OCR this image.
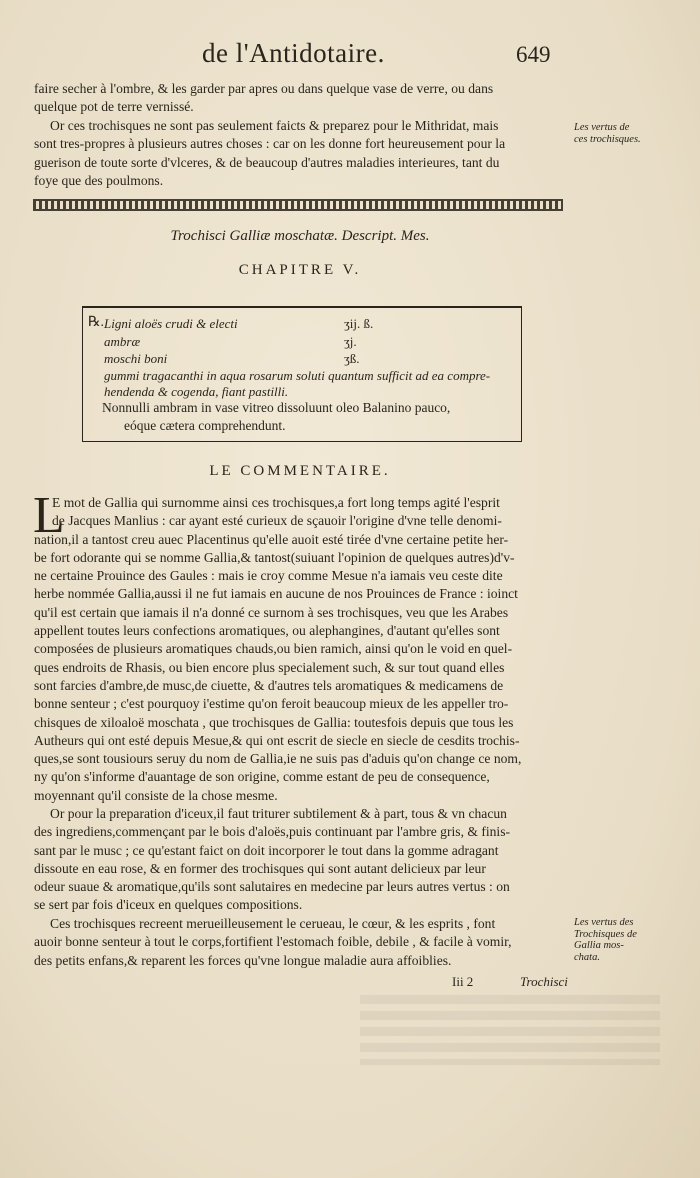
de l'Antidotaire.	649

faire secher à l'ombre, & les garder par apres ou dans quelque vase de verre, ou dans

quelque pot de terre vernissé.

Or ces trochisques ne sont pas seulement faicts & preparez pour le Mithridat, mais

sont tres-propres à plusieurs autres choses : car on les donne fort heureusement pour la

guerison de toute sorte d'vlceres, & de beaucoup d'autres maladies interieures, tant du

foye que des poulmons.

Les vertus de
ces trochisques.
Trochisci Galliæ moschatæ. Descript. Mes.
CHAPITRE V.
℞. Ligni aloës crudi & electi	ʒij. ß.
ambræ	ʒj.
moschi boni	ʒß.
gummi tragacanthi in aqua rosarum soluti quantum sufficit ad ea compre-
hendenda & cogenda, fiant pastilli.
Nonnulli ambram in vase vitreo dissoluunt oleo Balanino pauco,
eóque cætera comprehendunt.
LE COMMENTAIRE.
L

E mot de Gallia qui surnomme ainsi ces trochisques,a fort long temps agité l'esprit

de Jacques Manlius : car ayant esté curieux de sçauoir l'origine d'vne telle denomi-

nation,il a tantost creu auec Placentinus qu'elle auoit esté tirée d'vne certaine petite her-

be fort odorante qui se nomme Gallia,& tantost(suiuant l'opinion de quelques autres)d'v-

ne certaine Prouince des Gaules : mais ie croy comme Mesue n'a iamais veu ceste dite

herbe nommée Gallia,aussi il ne fut iamais en aucune de nos Prouinces de France : ioinct

qu'il est certain que iamais il n'a donné ce surnom à ses trochisques, veu que les Arabes

appellent toutes leurs confections aromatiques, ou alephangines, d'autant qu'elles sont

composées de plusieurs aromatiques chauds,ou bien ramich, ainsi qu'on le void en quel-

ques endroits de Rhasis, ou bien encore plus specialement such, & sur tout quand elles

sont farcies d'ambre,de musc,de ciuette, & d'autres tels aromatiques & medicamens de

bonne senteur ; c'est pourquoy i'estime qu'on feroit beaucoup mieux de les appeller tro-

chisques de xiloaloë moschata , que trochisques de Gallia: toutesfois depuis que tous les

Autheurs qui ont esté depuis Mesue,& qui ont escrit de siecle en siecle de cesdits trochis-

ques,se sont tousiours seruy du nom de Gallia,ie ne suis pas d'aduis qu'on change ce nom,

ny qu'on s'informe d'auantage de son origine, comme estant de peu de consequence,

moyennant qu'il consiste de la chose mesme.

Or pour la preparation d'iceux,il faut triturer subtilement & à part, tous & vn chacun

des ingrediens,commençant par le bois d'aloës,puis continuant par l'ambre gris, & finis-

sant par le musc ; ce qu'estant faict on doit incorporer le tout dans la gomme adragant

dissoute en eau rose, & en former des trochisques qui sont autant delicieux par leur

odeur suaue & aromatique,qu'ils sont salutaires en medecine par leurs autres vertus : on

se sert par fois d'iceux en quelques compositions.

Ces trochisques recreent merueilleusement le cerueau, le cœur, & les esprits , font

auoir bonne senteur à tout le corps,fortifient l'estomach foible, debile , & facile à vomir,

des petits enfans,& reparent les forces qu'vne longue maladie aura affoiblies.

Les vertus des
Trochisques de
Gallia mos-
chata.
Iii 2	Trochisci
